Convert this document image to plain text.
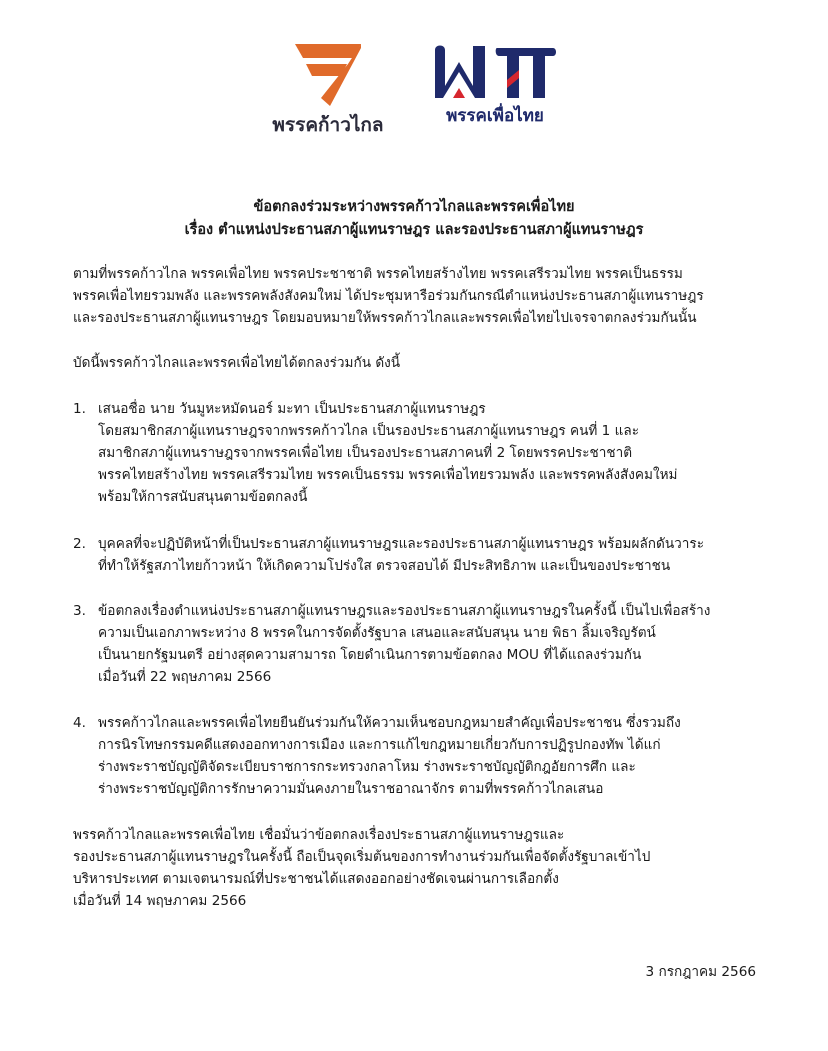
พรรคก้าวไกล	พรรคเพื่อไทย
ข้อตกลงร่วมระหว่างพรรคก้าวไกลและพรรคเพื่อไทย
เรื่อง ตำแหน่งประธานสภาผู้แทนราษฎร และรองประธานสภาผู้แทนราษฎร
ตามที่พรรคก้าวไกล พรรคเพื่อไทย พรรคประชาชาติ พรรคไทยสร้างไทย พรรคเสรีรวมไทย พรรคเป็นธรรม
พรรคเพื่อไทยรวมพลัง และพรรคพลังสังคมใหม่ ได้ประชุมหารือร่วมกันกรณีตำแหน่งประธานสภาผู้แทนราษฎร
และรองประธานสภาผู้แทนราษฎร โดยมอบหมายให้พรรคก้าวไกลและพรรคเพื่อไทยไปเจรจาตกลงร่วมกันนั้น
บัดนี้พรรคก้าวไกลและพรรคเพื่อไทยได้ตกลงร่วมกัน ดังนี้
1. เสนอชื่อ นาย วันมูหะหมัดนอร์ มะทา เป็นประธานสภาผู้แทนราษฎร
โดยสมาชิกสภาผู้แทนราษฎรจากพรรคก้าวไกล เป็นรองประธานสภาผู้แทนราษฎร คนที่ 1 และ
สมาชิกสภาผู้แทนราษฎรจากพรรคเพื่อไทย เป็นรองประธานสภาคนที่ 2 โดยพรรคประชาชาติ
พรรคไทยสร้างไทย พรรคเสรีรวมไทย พรรคเป็นธรรม พรรคเพื่อไทยรวมพลัง และพรรคพลังสังคมใหม่
พร้อมให้การสนับสนุนตามข้อตกลงนี้
2. บุคคลที่จะปฏิบัติหน้าที่เป็นประธานสภาผู้แทนราษฎรและรองประธานสภาผู้แทนราษฎร พร้อมผลักดันวาระ
ที่ทำให้รัฐสภาไทยก้าวหน้า ให้เกิดความโปร่งใส ตรวจสอบได้ มีประสิทธิภาพ และเป็นของประชาชน
3. ข้อตกลงเรื่องตำแหน่งประธานสภาผู้แทนราษฎรและรองประธานสภาผู้แทนราษฎรในครั้งนี้ เป็นไปเพื่อสร้าง
ความเป็นเอกภาพระหว่าง 8 พรรคในการจัดตั้งรัฐบาล เสนอและสนับสนุน นาย พิธา ลิ้มเจริญรัตน์
เป็นนายกรัฐมนตรี อย่างสุดความสามารถ โดยดำเนินการตามข้อตกลง MOU ที่ได้แถลงร่วมกัน
เมื่อวันที่ 22 พฤษภาคม 2566
4. พรรคก้าวไกลและพรรคเพื่อไทยยืนยันร่วมกันให้ความเห็นชอบกฎหมายสำคัญเพื่อประชาชน ซึ่งรวมถึง
การนิรโทษกรรมคดีแสดงออกทางการเมือง และการแก้ไขกฎหมายเกี่ยวกับการปฏิรูปกองทัพ ได้แก่
ร่างพระราชบัญญัติจัดระเบียบราชการกระทรวงกลาโหม ร่างพระราชบัญญัติกฎอัยการศึก และ
ร่างพระราชบัญญัติการรักษาความมั่นคงภายในราชอาณาจักร ตามที่พรรคก้าวไกลเสนอ
พรรคก้าวไกลและพรรคเพื่อไทย เชื่อมั่นว่าข้อตกลงเรื่องประธานสภาผู้แทนราษฎรและ
รองประธานสภาผู้แทนราษฎรในครั้งนี้ ถือเป็นจุดเริ่มต้นของการทำงานร่วมกันเพื่อจัดตั้งรัฐบาลเข้าไป
บริหารประเทศ ตามเจตนารมณ์ที่ประชาชนได้แสดงออกอย่างชัดเจนผ่านการเลือกตั้ง
เมื่อวันที่ 14 พฤษภาคม 2566
3 กรกฎาคม 2566
